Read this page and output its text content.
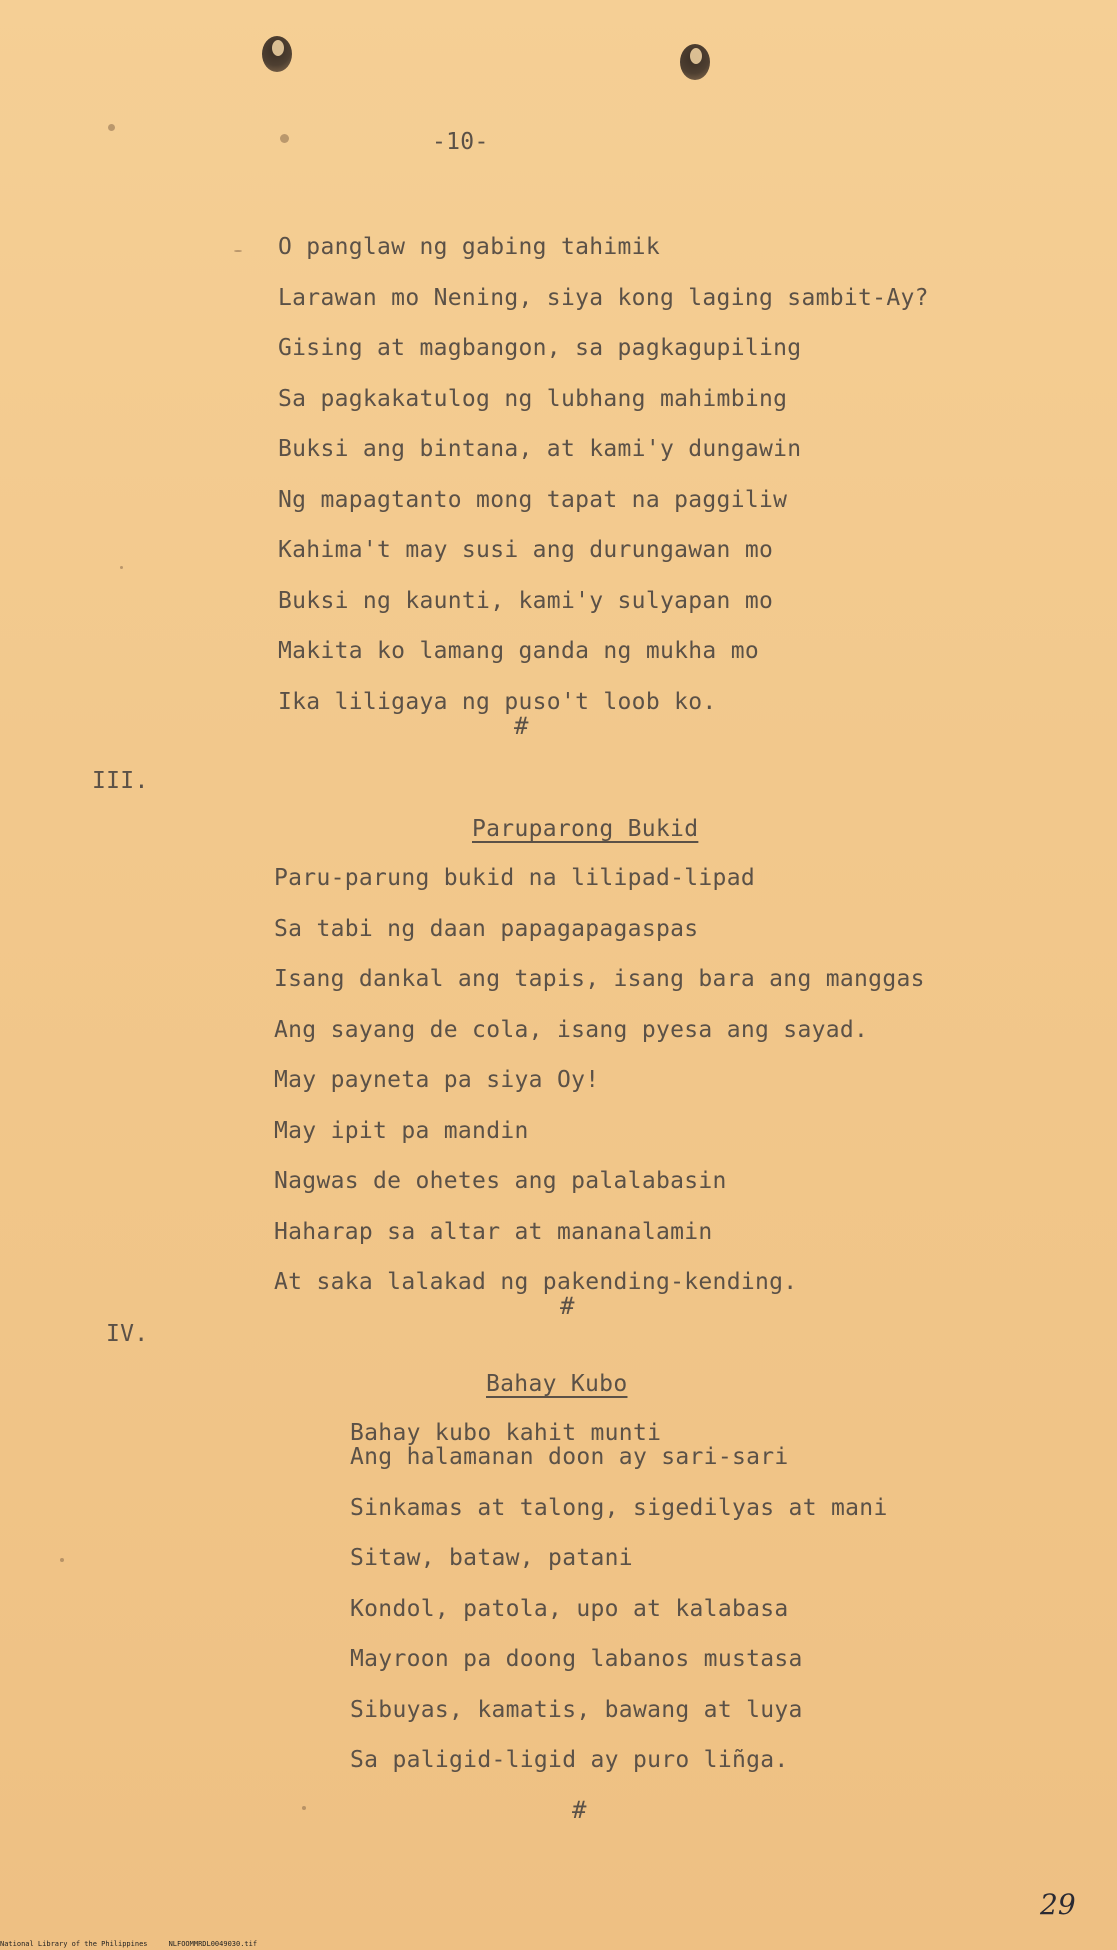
-10-

O panglaw ng gabing tahimik

Larawan mo Nening, siya kong laging sambit-Ay?

Gising at magbangon, sa pagkagupiling

Sa pagkakatulog ng lubhang mahimbing

Buksi ang bintana, at kami'y dungawin

Ng mapagtanto mong tapat na paggiliw

Kahima't may susi ang durungawan mo

Buksi ng kaunti, kami'y sulyapan mo

Makita ko lamang ganda ng mukha mo

Ika liligaya ng puso't loob ko.

#

III.

Paruparong Bukid

Paru-parung bukid na lilipad-lipad

Sa tabi ng daan papagapagaspas

Isang dankal ang tapis, isang bara ang manggas

Ang sayang de cola, isang pyesa ang sayad.

May payneta pa siya Oy!

May ipit pa mandin

Nagwas de ohetes ang palalabasin

Haharap sa altar at mananalamin

At saka lalakad ng pakending-kending.

#

IV.

Bahay Kubo

Bahay kubo kahit munti

Ang halamanan doon ay sari-sari

Sinkamas at talong, sigedilyas at mani

Sitaw, bataw, patani

Kondol, patola, upo at kalabasa

Mayroon pa doong labanos mustasa

Sibuyas, kamatis, bawang at luya

Sa paligid-ligid ay puro liñga.

#

29

National Library of the Philippines     NLFOOMMRDL0049030.tif
